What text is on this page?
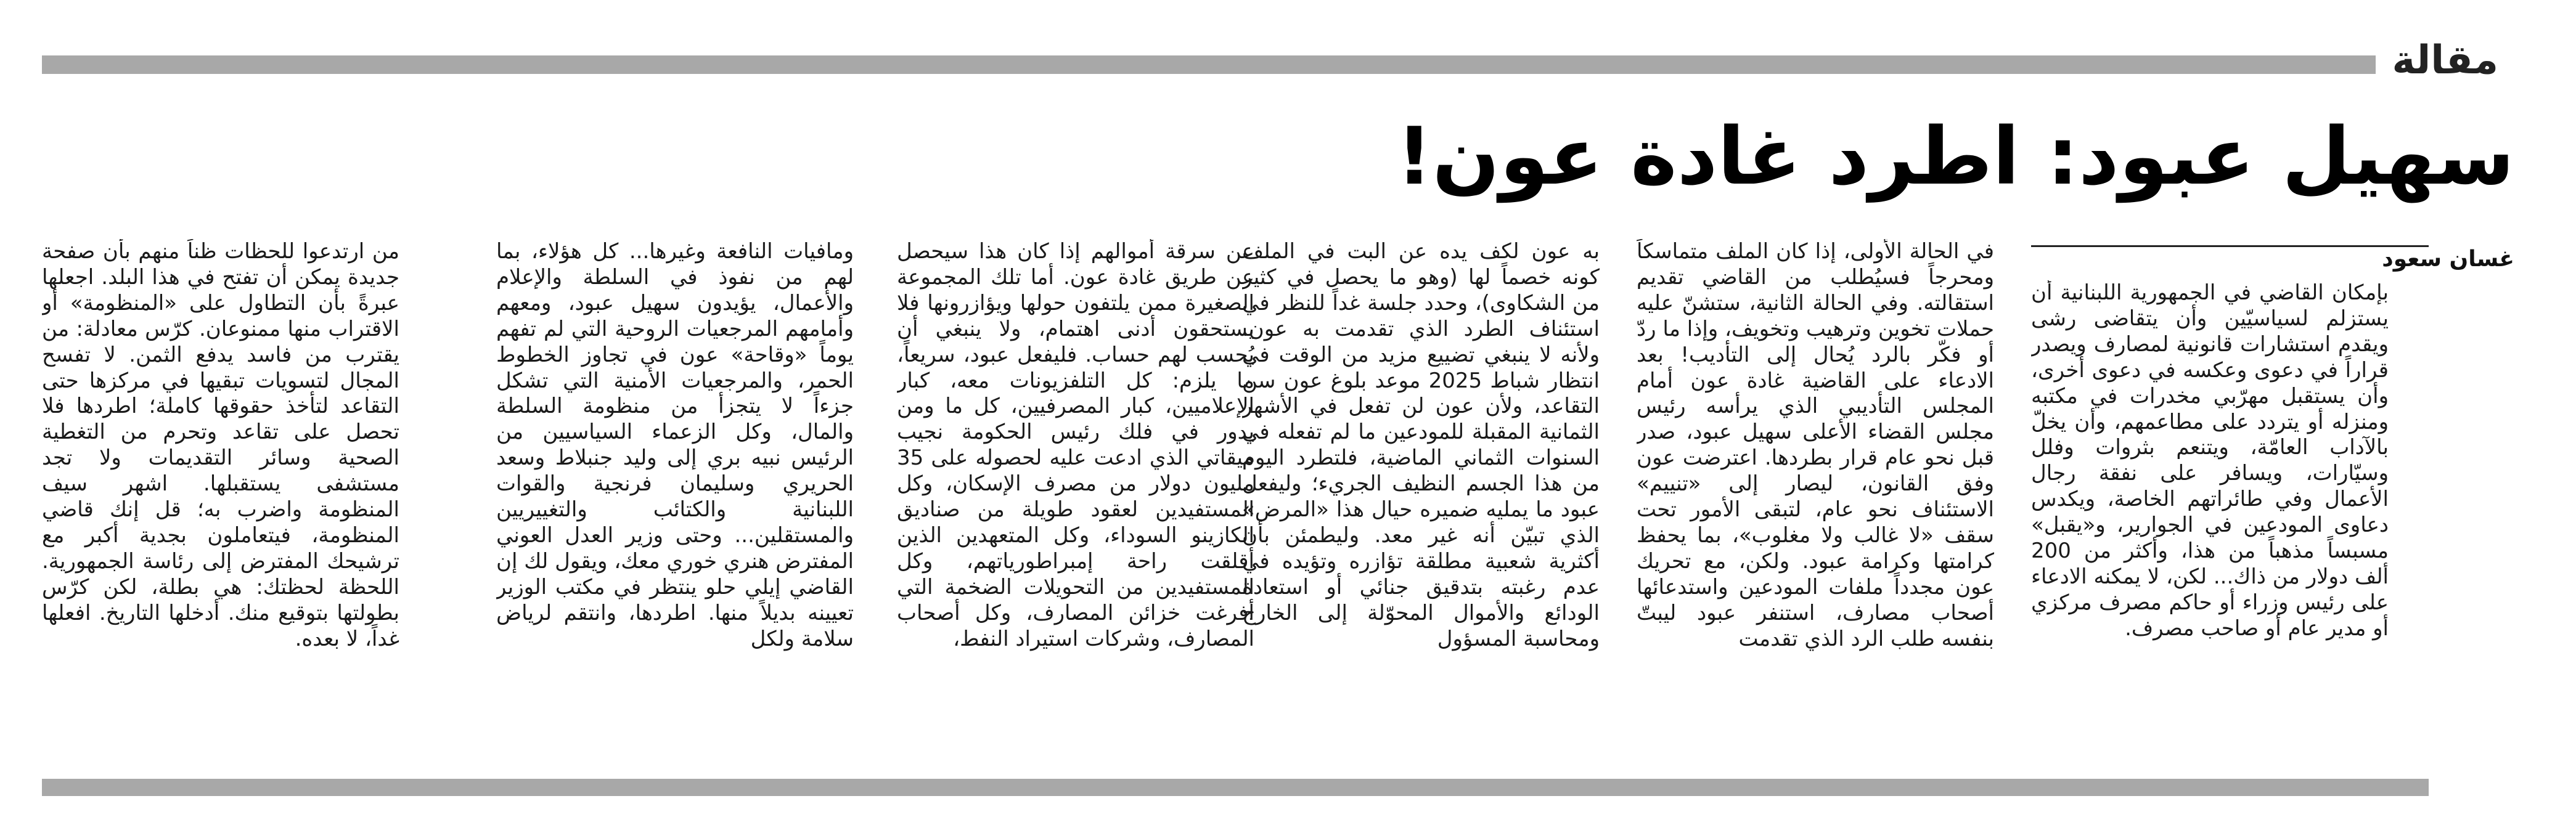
مقالة
سهيل عبود: اطرد غادة عون!
غسان سعود

بإمكان القاضي في الجمهورية اللبنانية أن يستزلم لسياسيّين وأن يتقاضى رشى ويقدم استشارات قانونية لمصارف ويصدر قراراً في دعوى وعكسه في دعوى أخرى، وأن يستقبل مهرّبي مخدرات في مكتبه ومنزله أو يتردد على مطاعمهم، وأن يخلّ بالآداب العامّة، ويتنعم بثروات وفلل وسيّارات، ويسافر على نفقة رجال الأعمال وفي طائراتهم الخاصة، ويكدس دعاوى المودعين في الجوارير، و«يقبل» مسبساً مذهباً من هذا، وأكثر من 200 ألف دولار من ذاك... لكن، لا يمكنه الادعاء على رئيس وزراء أو حاكم مصرف مركزي أو مدير عام أو صاحب مصرف.

في الحالة الأولى، إذا كان الملف متماسكاً ومحرجاً فسيُطلب من القاضي تقديم استقالته. وفي الحالة الثانية، ستشنّ عليه حملات تخوين وترهيب وتخويف، وإذا ما ردّ أو فكّر بالرد يُحال إلى التأديب! بعد الادعاء على القاضية غادة عون أمام المجلس التأديبي الذي يرأسه رئيس مجلس القضاء الأعلى سهيل عبود، صدر قبل نحو عام قرار بطردها. اعترضت عون وفق القانون، ليصار إلى «تنييم» الاستئناف نحو عام، لتبقى الأمور تحت سقف «لا غالب ولا مغلوب»، بما يحفظ كرامتها وكرامة عبود. ولكن، مع تحريك عون مجدداً ملفات المودعين واستدعائها أصحاب مصارف، استنفر عبود ليبتّ بنفسه طلب الرد الذي تقدمت

به عون لكف يده عن البت في الملف كونه خصماً لها (وهو ما يحصل في كثير من الشكاوى)، وحدد جلسة غداً للنظر في استئناف الطرد الذي تقدمت به عون. ولأنه لا ينبغي تضييع مزيد من الوقت في انتظار شباط 2025 موعد بلوغ عون سن التقاعد، ولأن عون لن تفعل في الأشهر الثمانية المقبلة للمودعين ما لم تفعله في السنوات الثماني الماضية، فلتطرد اليوم من هذا الجسم النظيف الجريء؛ وليفعل عبود ما يمليه ضميره حيال هذا «المرض» الذي تبيّن أنه غير معد. وليطمئن بأن أكثرية شعبية مطلقة تؤازره وتؤيده في عدم رغبته بتدقيق جنائي أو استعادة الودائع والأموال المحوّلة إلى الخارج ومحاسبة المسؤول

عن سرقة أموالهم إذا كان هذا سيحصل عن طريق غادة عون. أما تلك المجموعة الصغيرة ممن يلتفون حولها ويؤازرونها فلا يستحقون أدنى اهتمام، ولا ينبغي أن يُحسب لهم حساب. فليفعل عبود، سريعاً، ما يلزم: كل التلفزيونات معه، كبار الإعلاميين، كبار المصرفيين، كل ما ومن يدور في فلك رئيس الحكومة نجيب ميقاتي الذي ادعت عليه لحصوله على 35 مليون دولار من مصرف الإسكان، وكل المستفيدين لعقود طويلة من صناديق الكازينو السوداء، وكل المتعهدين الذين أقلقت راحة إمبراطورياتهم، وكل المستفيدين من التحويلات الضخمة التي أفرغت خزائن المصارف، وكل أصحاب المصارف، وشركات استيراد النفط،

ومافيات النافعة وغيرها... كل هؤلاء، بما لهم من نفوذ في السلطة والإعلام والأعمال، يؤيدون سهيل عبود، ومعهم وأمامهم المرجعيات الروحية التي لم تفهم يوماً «وقاحة» عون في تجاوز الخطوط الحمر، والمرجعيات الأمنية التي تشكل جزءاً لا يتجزأ من منظومة السلطة والمال، وكل الزعماء السياسيين من الرئيس نبيه بري إلى وليد جنبلاط وسعد الحريري وسليمان فرنجية والقوات اللبنانية والكتائب والتغييريين والمستقلين... وحتى وزير العدل العوني المفترض هنري خوري معك، ويقول لك إن القاضي إيلي حلو ينتظر في مكتب الوزير تعيينه بديلاً منها. اطردها، وانتقم لرياض سلامة ولكل

من ارتدعوا للحظات ظناً منهم بأن صفحة جديدة يمكن أن تفتح في هذا البلد. اجعلها عبرةً بأن التطاول على «المنظومة» أو الاقتراب منها ممنوعان. كرّس معادلة: من يقترب من فاسد يدفع الثمن. لا تفسح المجال لتسويات تبقيها في مركزها حتى التقاعد لتأخذ حقوقها كاملة؛ اطردها فلا تحصل على تقاعد وتحرم من التغطية الصحية وسائر التقديمات ولا تجد مستشفى يستقبلها. اشهر سيف المنظومة واضرب به؛ قل إنك قاضي المنظومة، فيتعاملون بجدية أكبر مع ترشيحك المفترض إلى رئاسة الجمهورية. اللحظة لحظتك: هي بطلة، لكن كرّس بطولتها بتوقيع منك. أدخلها التاريخ. افعلها غداً، لا بعده.
